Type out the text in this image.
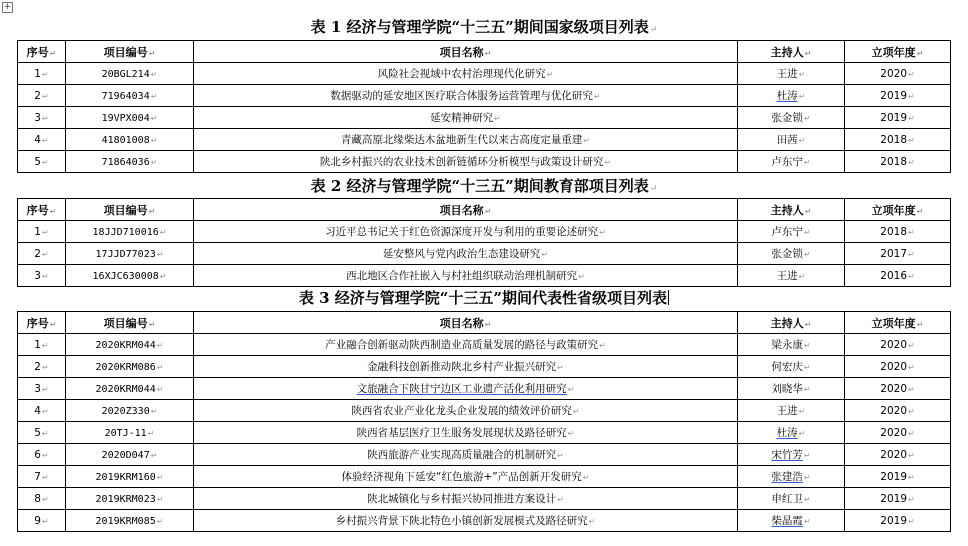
+
表 1 经济与管理学院“十三五”期间国家级项目列表↵
序号↵	项目编号↵	项目名称↵	主持人↵	立项年度↵
1↵	20BGL214↵	风险社会视域中农村治理现代化研究↵	王进↵	2020↵
2↵	71964034↵	数据驱动的延安地区医疗联合体服务运营管理与优化研究↵	杜涛↵	2019↵
3↵	19VPX004↵	延安精神研究↵	张金锁↵	2019↵
4↵	41801008↵	青藏高原北缘柴达木盆地新生代以来古高度定量重建↵	田茜↵	2018↵
5↵	71864036↵	陕北乡村振兴的农业技术创新链循环分析模型与政策设计研究↵	卢东宁↵	2018↵
表 2 经济与管理学院“十三五”期间教育部项目列表↵
序号↵	项目编号↵	项目名称↵	主持人↵	立项年度↵
1↵	18JJD710016↵	习近平总书记关于红色资源深度开发与利用的重要论述研究↵	卢东宁↵	2018↵
2↵	17JJD77023↵	延安整风与党内政治生态建设研究↵	张金锁↵	2017↵
3↵	16XJC630008↵	西北地区合作社嵌入与村社组织联动治理机制研究↵	王进↵	2016↵
表 3 经济与管理学院“十三五”期间代表性省级项目列表
序号↵	项目编号↵	项目名称↵	主持人↵	立项年度↵
1↵	2020KRM044↵	产业融合创新驱动陕西制造业高质量发展的路径与政策研究↵	梁永康↵	2020↵
2↵	2020KRM086↵	金融科技创新推动陕北乡村产业振兴研究↵	何宏庆↵	2020↵
3↵	2020KRM044↵	文旅融合下陕甘宁边区工业遗产活化利用研究↵	刘晓华↵	2020↵
4↵	2020Z330↵	陕西省农业产业化龙头企业发展的绩效评价研究↵	王进↵	2020↵
5↵	20TJ-11↵	陕西省基层医疗卫生服务发展现状及路径研究↵	杜涛↵	2020↵
6↵	2020D047↵	陕西旅游产业实现高质量融合的机制研究↵	宋竹芳↵	2020↵
7↵	2019KRM160↵	体验经济视角下延安“红色旅游+”产品创新开发研究↵	张建浩↵	2019↵
8↵	2019KRM023↵	陕北城镇化与乡村振兴协同推进方案设计↵	申红卫↵	2019↵
9↵	2019KRM085↵	乡村振兴背景下陕北特色小镇创新发展模式及路径研究↵	柴晶霞↵	2019↵
